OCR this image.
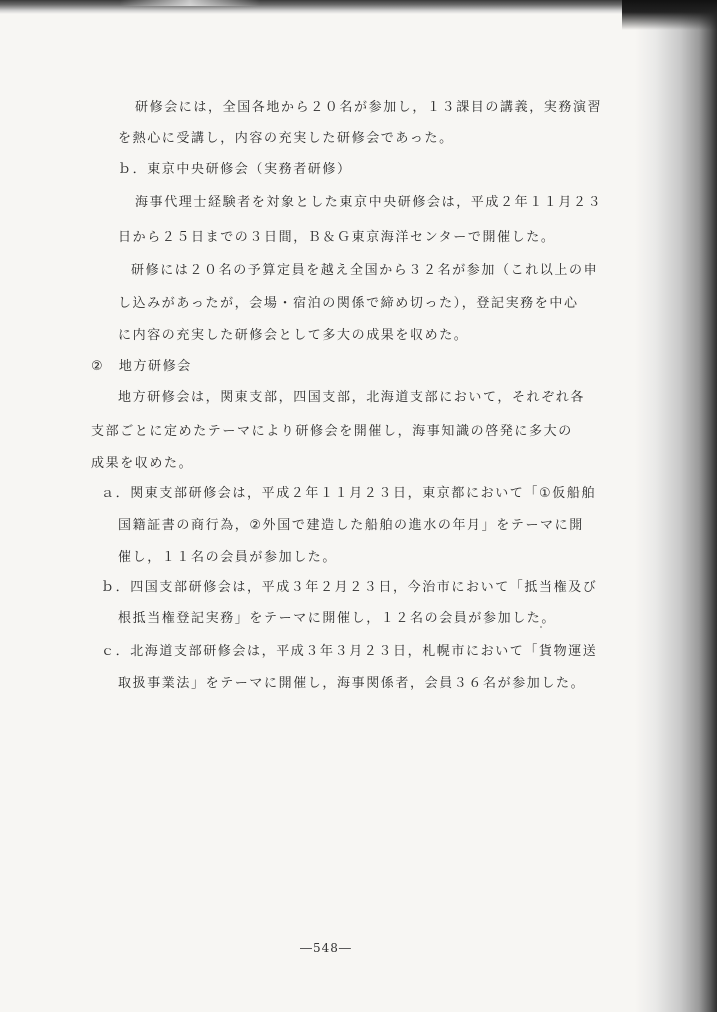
研修会には，全国各地から２０名が参加し，１３課目の講義，実務演習
を熱心に受講し，内容の充実した研修会であった。
ｂ．東京中央研修会（実務者研修）
海事代理士経験者を対象とした東京中央研修会は，平成２年１１月２３
日から２５日までの３日間，Ｂ＆Ｇ東京海洋センターで開催した。
研修には２０名の予算定員を越え全国から３２名が参加（これ以上の申
し込みがあったが，会場・宿泊の関係で締め切った），登記実務を中心
に内容の充実した研修会として多大の成果を収めた。
②　地方研修会
地方研修会は，関東支部，四国支部，北海道支部において，それぞれ各
支部ごとに定めたテーマにより研修会を開催し，海事知識の啓発に多大の
成果を収めた。
ａ．関東支部研修会は，平成２年１１月２３日，東京都において「①仮船舶
国籍証書の商行為，②外国で建造した船舶の進水の年月」をテーマに開
催し，１１名の会員が参加した。
ｂ．四国支部研修会は，平成３年２月２３日，今治市において「抵当権及び
根抵当権登記実務」をテーマに開催し，１２名の会員が参加した。
ｃ．北海道支部研修会は，平成３年３月２３日，札幌市において「貨物運送
取扱事業法」をテーマに開催し，海事関係者，会員３６名が参加した。
―548―
